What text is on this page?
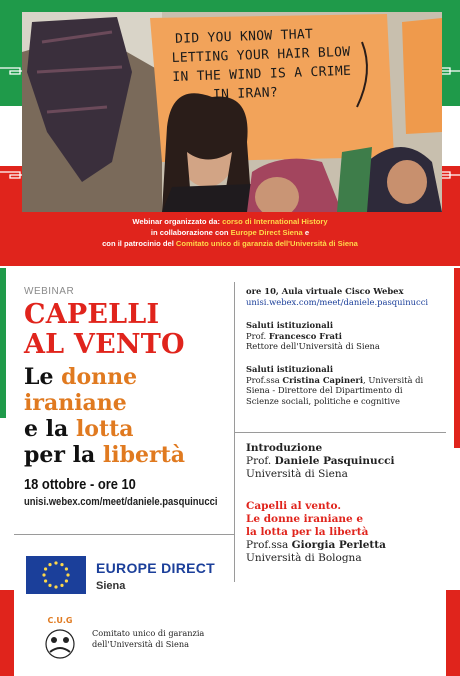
DID YOU KNOW THAT
LETTING YOUR HAIR BLOW
IN THE WIND IS A CRIME
IN IRAN?
Webinar organizzato da: corso di International History
in collaborazione con Europe Direct Siena e
con il patrocinio del Comitato unico di garanzia dell'Università di Siena
WEBINAR
CAPELLI
AL VENTO
Le donne
iraniane
e la lotta
per la libertà
18 ottobre - ore 10
unisi.webex.com/meet/daniele.pasquinucci
EUROPE DIRECT
Siena
C.U.G
Comitato unico di garanzia
dell'Università di Siena
ore 10, Aula virtuale Cisco Webex
unisi.webex.com/meet/daniele.pasquinucci
Saluti istituzionali
Prof. Francesco Frati
Rettore dell'Università di Siena
Saluti istituzionali
Prof.ssa Cristina Capineri, Università di
Siena - Direttore del Dipartimento di
Scienze sociali, politiche e cognitive
Introduzione
Prof. Daniele Pasquinucci
Università di Siena
Capelli al vento.
Le donne iraniane e
la lotta per la libertà
Prof.ssa Giorgia Perletta
Università di Bologna
